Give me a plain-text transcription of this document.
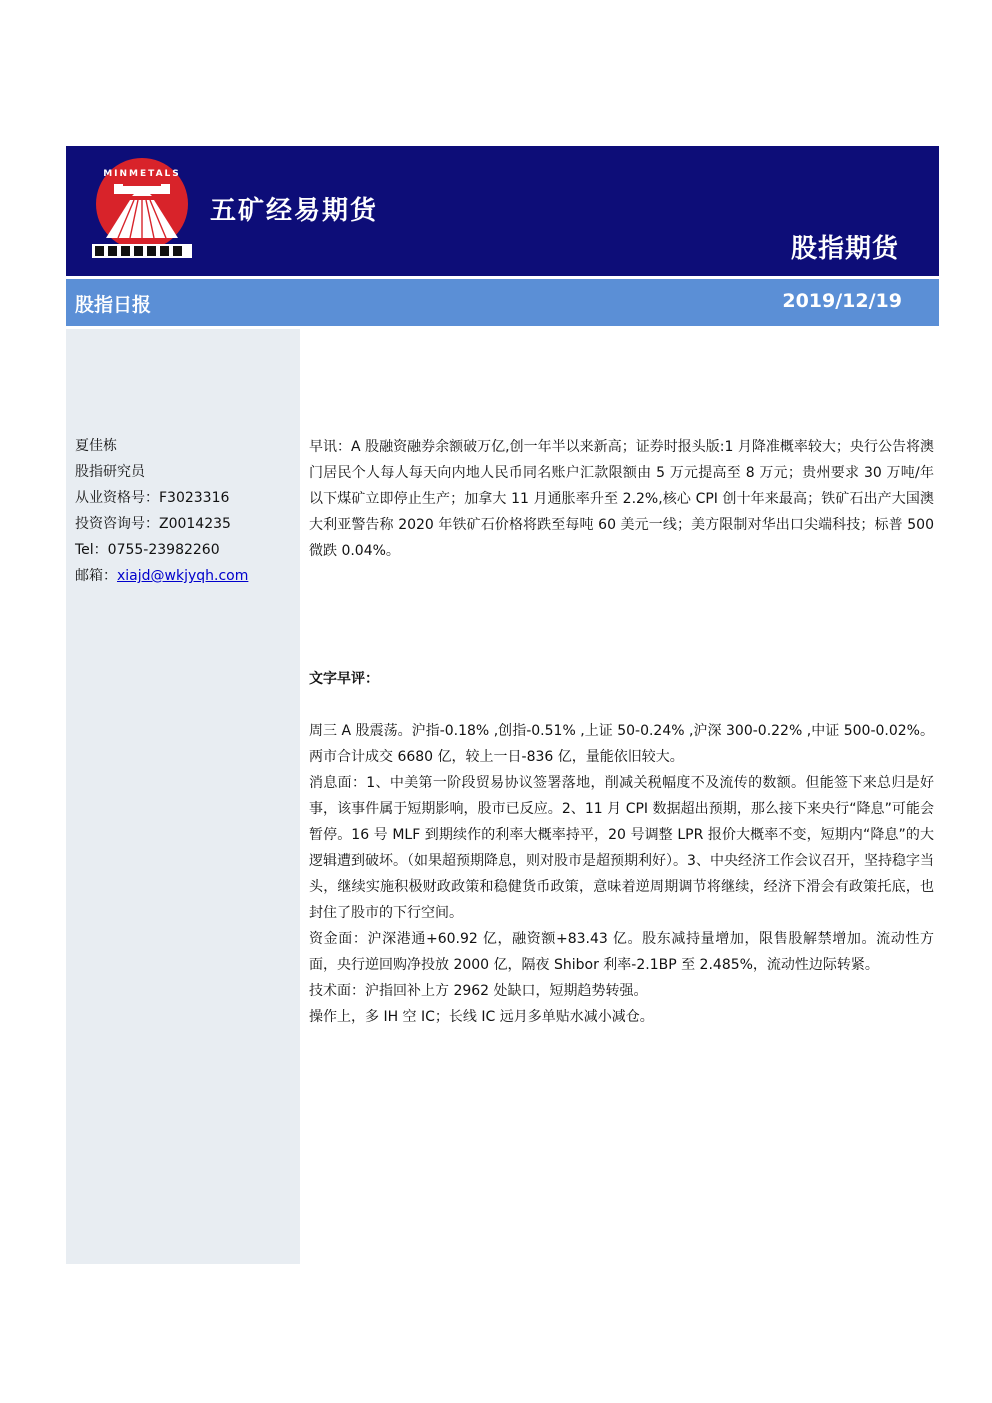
MINMETALS
五矿经易期货
股指期货
股指日报	2019/12/19
夏佳栋
股指研究员
从业资格号：F3023316
投资咨询号：Z0014235
Tel：0755-23982260
邮箱：xiajd@wkjyqh.com
早讯：A 股融资融券余额破万亿,创一年半以来新高；证券时报头版:1 月降准概率较大；央行公告将澳门居民个人每人每天向内地人民币同名账户汇款限额由 5 万元提高至 8 万元；贵州要求 30 万吨/年以下煤矿立即停止生产；加拿大 11 月通胀率升至 2.2%,核心 CPI 创十年来最高；铁矿石出产大国澳大利亚警告称 2020 年铁矿石价格将跌至每吨 60 美元一线；美方限制对华出口尖端科技；标普 500 微跌 0.04%。
文字早评：

周三 A 股震荡。沪指-0.18% ,创指-0.51% ,上证 50-0.24% ,沪深 300-0.22% ,中证 500-0.02%。两市合计成交 6680 亿，较上一日-836 亿，量能依旧较大。

消息面：1、中美第一阶段贸易协议签署落地，削减关税幅度不及流传的数额。但能签下来总归是好事，该事件属于短期影响，股市已反应。2、11 月 CPI 数据超出预期，那么接下来央行“降息”可能会暂停。16 号 MLF 到期续作的利率大概率持平，20 号调整 LPR 报价大概率不变，短期内“降息”的大逻辑遭到破坏。（如果超预期降息，则对股市是超预期利好）。3、中央经济工作会议召开，坚持稳字当头，继续实施积极财政政策和稳健货币政策，意味着逆周期调节将继续，经济下滑会有政策托底，也封住了股市的下行空间。

资金面：沪深港通+60.92 亿，融资额+83.43 亿。股东减持量增加，限售股解禁增加。流动性方面，央行逆回购净投放 2000 亿，隔夜 Shibor 利率-2.1BP 至 2.485%，流动性边际转紧。

技术面：沪指回补上方 2962 处缺口，短期趋势转强。

操作上，多 IH 空 IC；长线 IC 远月多单贴水减小减仓。
